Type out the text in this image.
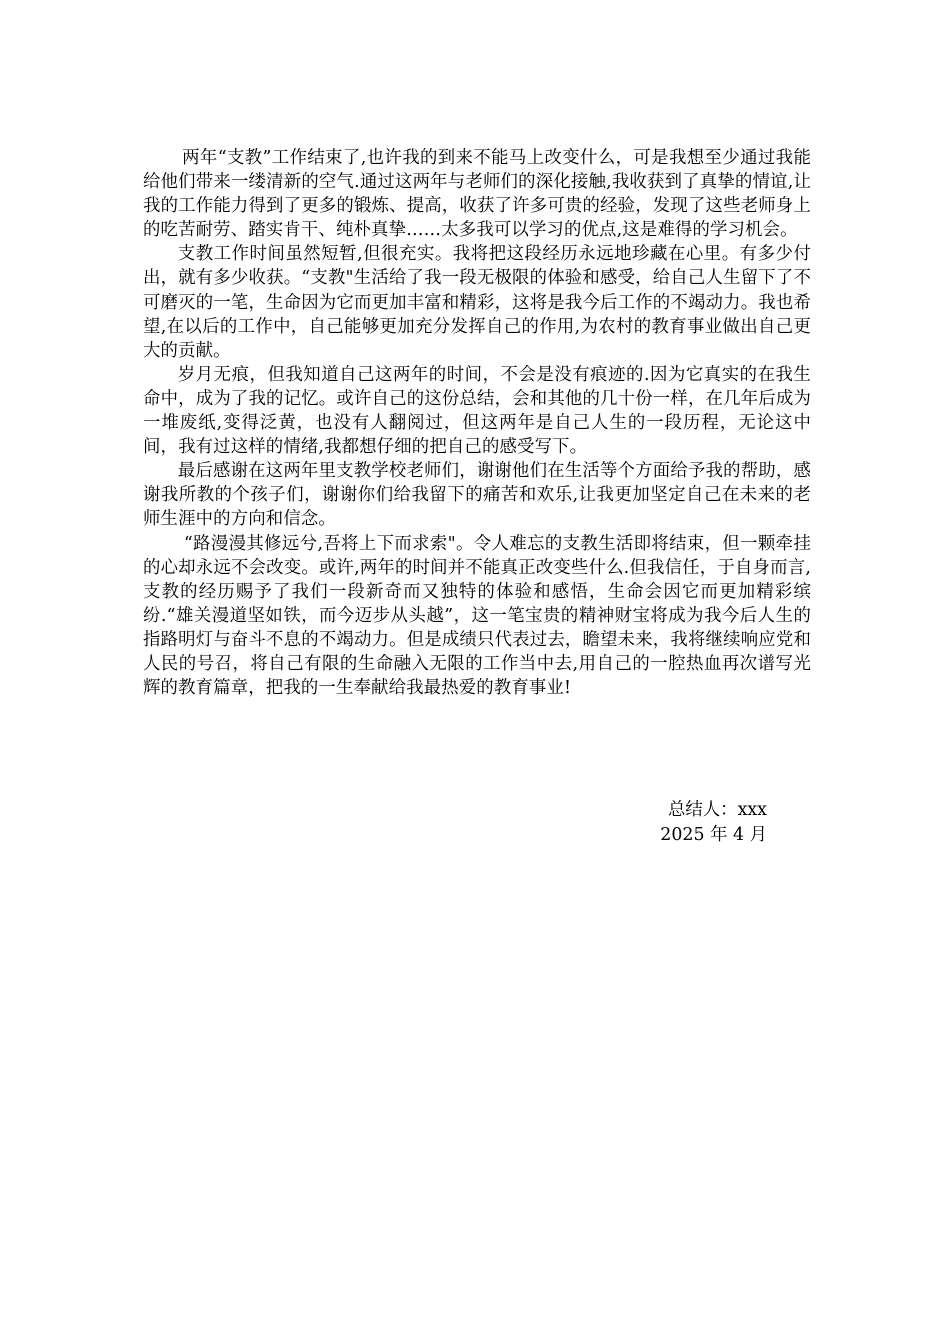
两年“支教”工作结束了,也许我的到来不能马上改变什么，可是我想至少通过我能给他们带来一缕清新的空气.通过这两年与老师们的深化接触,我收获到了真挚的情谊,让我的工作能力得到了更多的锻炼、提高，收获了许多可贵的经验，发现了这些老师身上的吃苦耐劳、踏实肯干、纯朴真挚……太多我可以学习的优点,这是难得的学习机会。

支教工作时间虽然短暂,但很充实。我将把这段经历永远地珍藏在心里。有多少付出，就有多少收获。“支教"生活给了我一段无极限的体验和感受，给自己人生留下了不可磨灭的一笔，生命因为它而更加丰富和精彩，这将是我今后工作的不竭动力。我也希望,在以后的工作中，自己能够更加充分发挥自己的作用,为农村的教育事业做出自己更大的贡献。

岁月无痕，但我知道自己这两年的时间，不会是没有痕迹的.因为它真实的在我生命中，成为了我的记忆。或许自己的这份总结，会和其他的几十份一样，在几年后成为一堆废纸,变得泛黄，也没有人翻阅过，但这两年是自己人生的一段历程，无论这中间，我有过这样的情绪,我都想仔细的把自己的感受写下。

最后感谢在这两年里支教学校老师们，谢谢他们在生活等个方面给予我的帮助，感谢我所教的个孩子们，谢谢你们给我留下的痛苦和欢乐,让我更加坚定自己在未来的老师生涯中的方向和信念。

“路漫漫其修远兮,吾将上下而求索"。令人难忘的支教生活即将结束，但一颗牵挂的心却永远不会改变。或许,两年的时间并不能真正改变些什么.但我信任，于自身而言,支教的经历赐予了我们一段新奇而又独特的体验和感悟，生命会因它而更加精彩缤纷.“雄关漫道坚如铁，而今迈步从头越”，这一笔宝贵的精神财宝将成为我今后人生的指路明灯与奋斗不息的不竭动力。但是成绩只代表过去，瞻望未来，我将继续响应党和人民的号召，将自己有限的生命融入无限的工作当中去,用自己的一腔热血再次谱写光辉的教育篇章，把我的一生奉献给我最热爱的教育事业!

总结人：xxx
2025 年 4 月
